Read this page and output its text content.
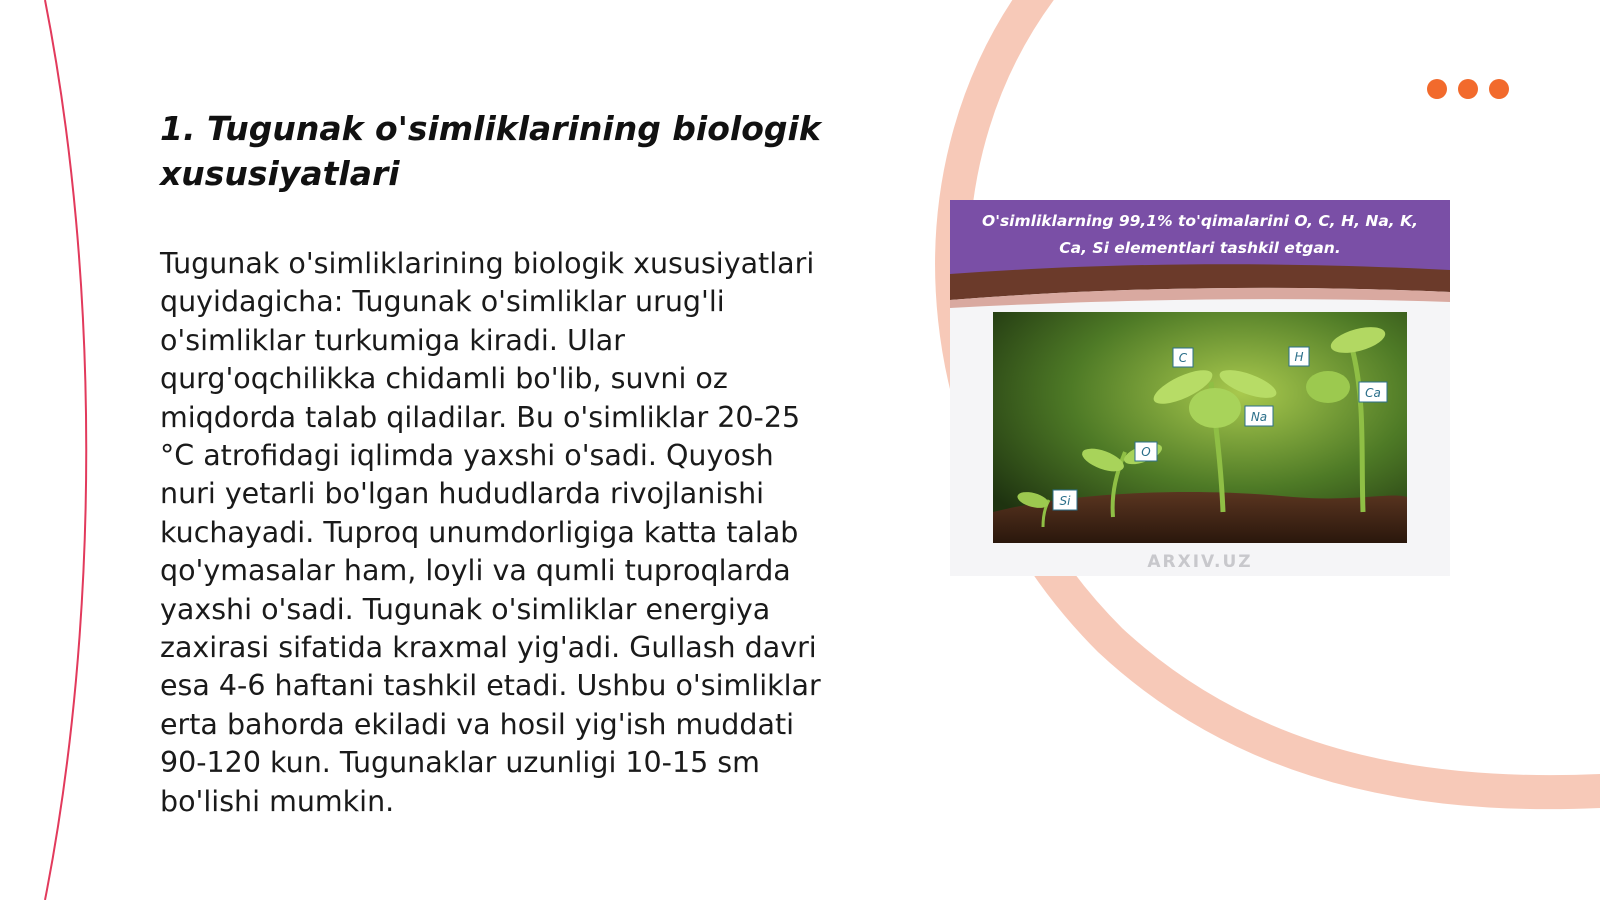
1. Tugunak o'simliklarining biologik xususiyatlari

Tugunak o'simliklarining biologik xususiyatlari quyidagicha: Tugunak o'simliklar urug'li o'simliklar turkumiga kiradi. Ular qurg'oqchilikka chidamli bo'lib, suvni oz miqdorda talab qiladilar. Bu o'simliklar 20-25 °C atrofidagi iqlimda yaxshi o'sadi. Quyosh nuri yetarli bo'lgan hududlarda rivojlanishi kuchayadi. Tuproq unumdorligiga katta talab qo'ymasalar ham, loyli va qumli tuproqlarda yaxshi o'sadi. Tugunak o'simliklar energiya zaxirasi sifatida kraxmal yig'adi. Gullash davri esa 4-6 haftani tashkil etadi. Ushbu o'simliklar erta bahorda ekiladi va hosil yig'ish muddati 90-120 kun. Tugunaklar uzunligi 10-15 sm bo'lishi mumkin.

O'simliklarning 99,1% to'qimalarini O, C, H, Na, K, Ca, Si elementlari tashkil etgan.

C	H
Ca
Na
O
Si
ARXIV.UZ
